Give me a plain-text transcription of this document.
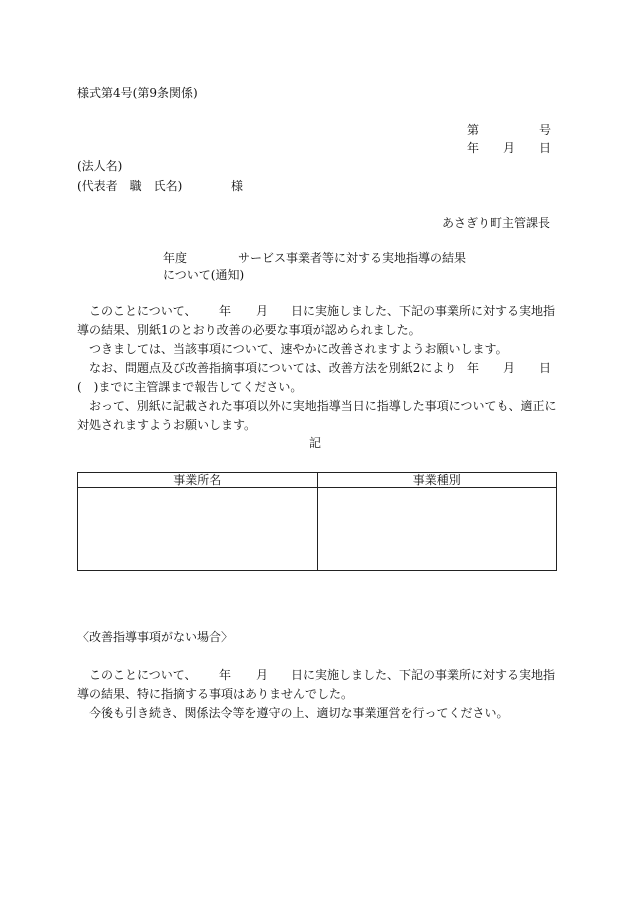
様式第4号(第9条関係)
第	号
年 月 日
(法人名)
(代表者　職　氏名)	様
あさぎり町主管課長
年度	サービス事業者等に対する実地指導の結果
について(通知)
　このことについて、 年 月 日に実施しました、下記の事業所に対する実地指
導の結果、別紙1のとおり改善の必要な事項が認められました。
　つきましては、当該事項について、速やかに改善されますようお願いします。
　なお、問題点及び改善指摘事項については、改善方法を別紙2により 年 月 日
(　)までに主管課まで報告してください。
　おって、別紙に記載された事項以外に実地指導当日に指導した事項についても、適正に
対処されますようお願いします。
記
事業所名	事業種別

〈改善指導事項がない場合〉
　このことについて、 年 月 日に実施しました、下記の事業所に対する実地指
導の結果、特に指摘する事項はありませんでした。
　今後も引き続き、関係法令等を遵守の上、適切な事業運営を行ってください。
